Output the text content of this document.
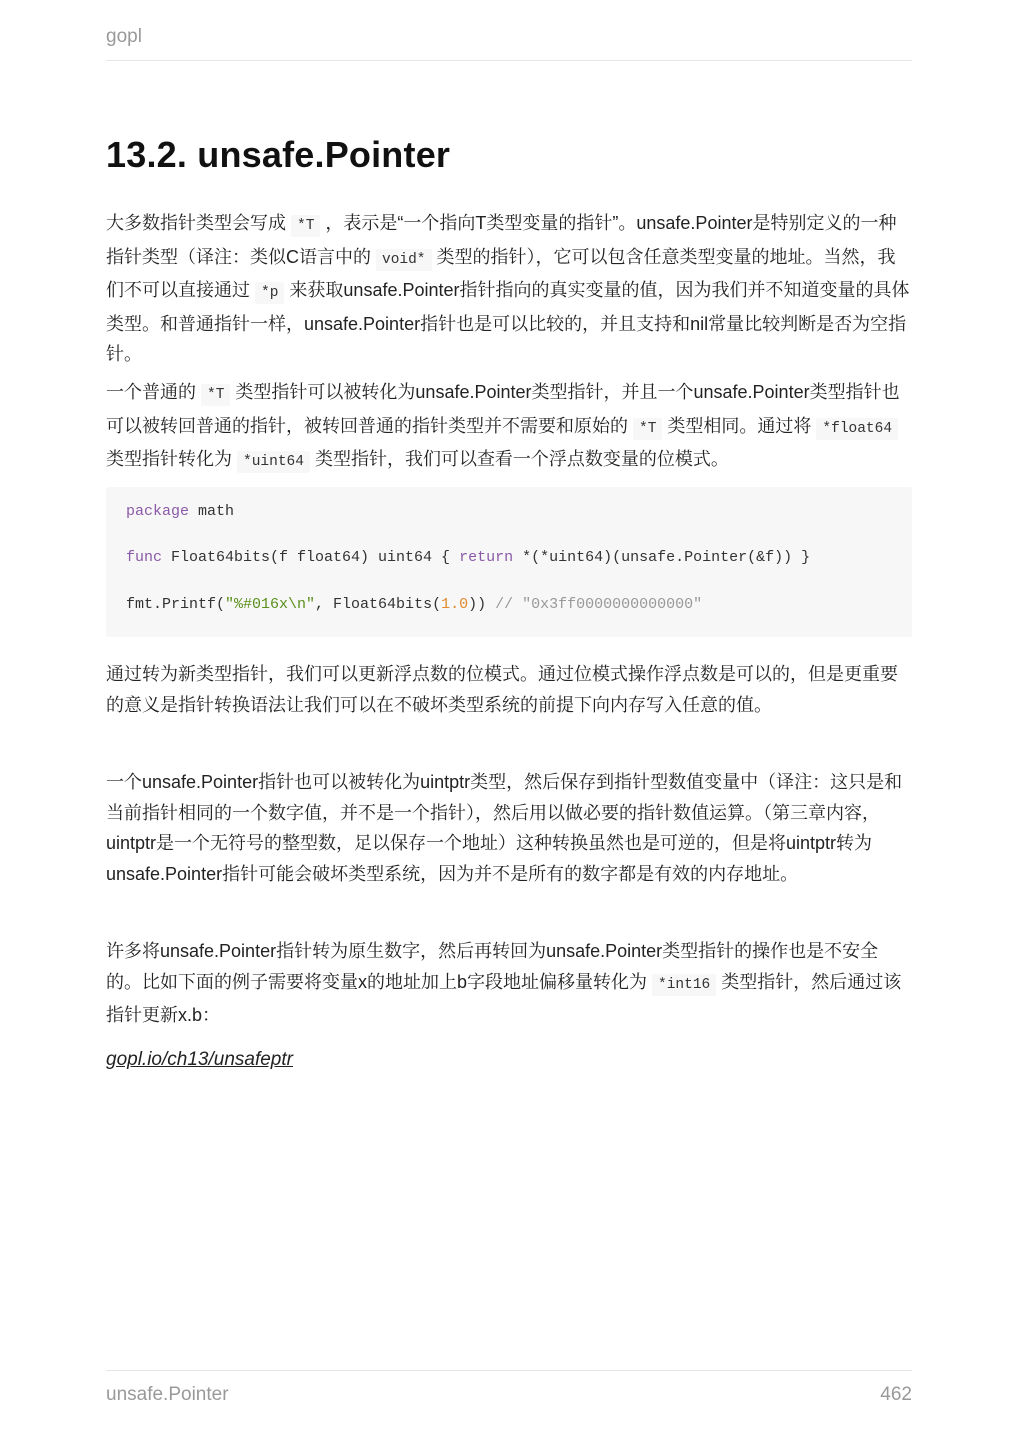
gopl
13.2. unsafe.Pointer

大多数指针类型会写成 *T ，表示是“一个指向T类型变量的指针”。unsafe.Pointer是特别定义的一种指针类型（译注：类似C语言中的 void* 类型的指针），它可以包含任意类型变量的地址。当然，我们不可以直接通过 *p 来获取unsafe.Pointer指针指向的真实变量的值，因为我们并不知道变量的具体类型。和普通指针一样，unsafe.Pointer指针也是可以比较的，并且支持和nil常量比较判断是否为空指针。

一个普通的 *T 类型指针可以被转化为unsafe.Pointer类型指针，并且一个unsafe.Pointer类型指针也可以被转回普通的指针，被转回普通的指针类型并不需要和原始的 *T 类型相同。通过将 *float64 类型指针转化为 *uint64 类型指针，我们可以查看一个浮点数变量的位模式。

package math
func Float64bits(f float64) uint64 { return *(*uint64)(unsafe.Pointer(&f)) }
fmt.Printf("%#016x\n", Float64bits(1.0)) // "0x3ff0000000000000"

通过转为新类型指针，我们可以更新浮点数的位模式。通过位模式操作浮点数是可以的，但是更重要的意义是指针转换语法让我们可以在不破坏类型系统的前提下向内存写入任意的值。

一个unsafe.Pointer指针也可以被转化为uintptr类型，然后保存到指针型数值变量中（译注：这只是和当前指针相同的一个数字值，并不是一个指针），然后用以做必要的指针数值运算。（第三章内容，uintptr是一个无符号的整型数，足以保存一个地址）这种转换虽然也是可逆的，但是将uintptr转为unsafe.Pointer指针可能会破坏类型系统，因为并不是所有的数字都是有效的内存地址。

许多将unsafe.Pointer指针转为原生数字，然后再转回为unsafe.Pointer类型指针的操作也是不安全的。比如下面的例子需要将变量x的地址加上b字段地址偏移量转化为 *int16 类型指针，然后通过该指针更新x.b：

gopl.io/ch13/unsafeptr
unsafe.Pointer	462
